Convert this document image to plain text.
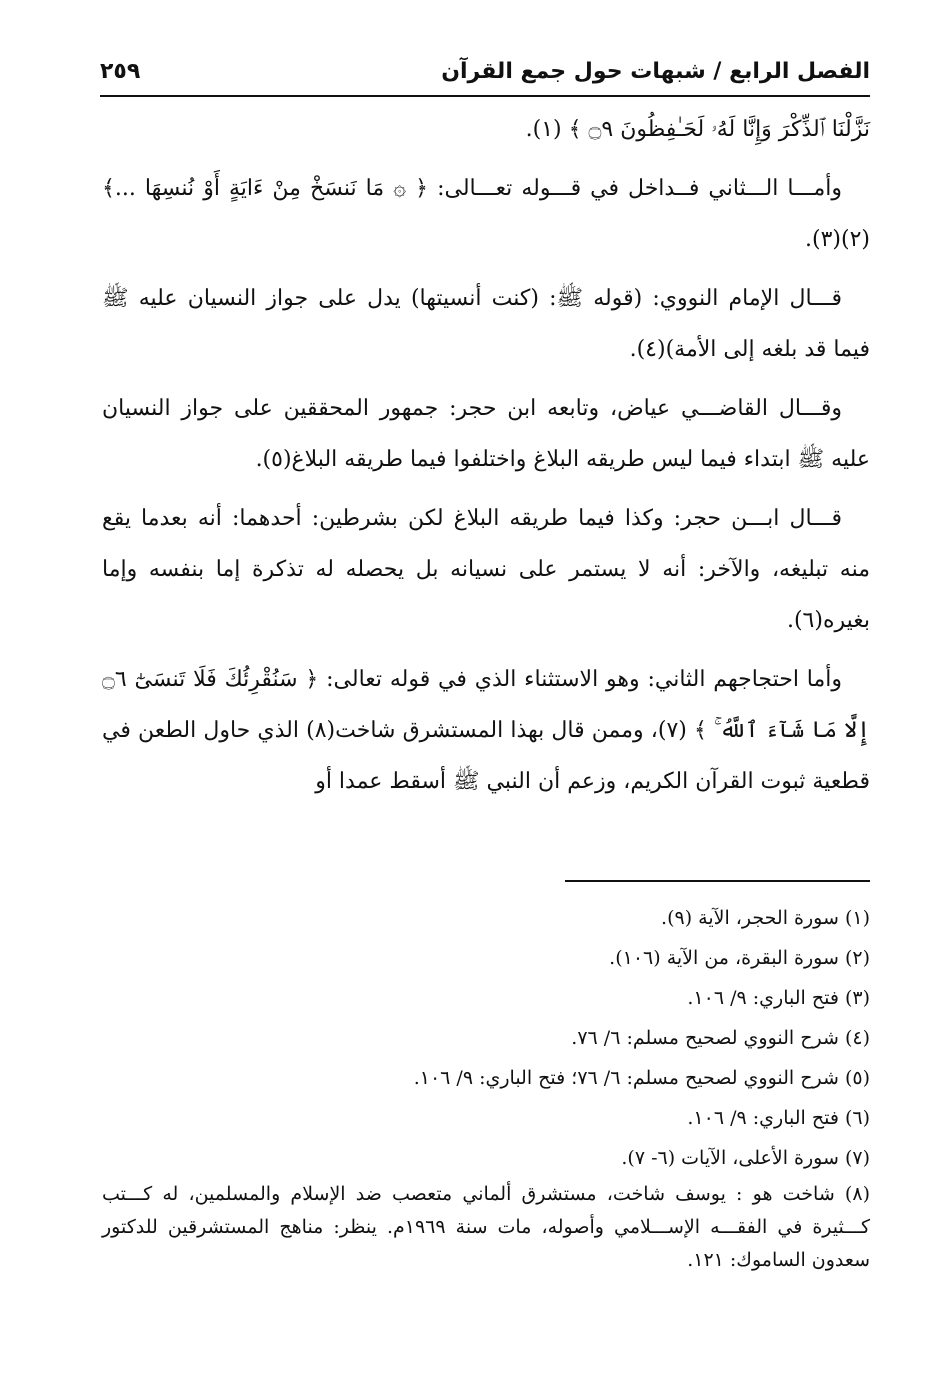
الفصل الرابع / شبهات حول جمع القرآن
٢٥٩

نَزَّلْنَا ٱلذِّكْرَ وَإِنَّا لَهُۥ لَحَـٰفِظُونَ ۝٩ ﴾ (١).

وأمـــا الـــثاني فــداخل في قـــوله تعـــالى: ﴿ ۞ مَا نَنسَخْ مِنْ ءَايَةٍ أَوْ نُنسِهَا ...﴾ (٢)(٣).

قـــال الإمام النووي: (قوله ﷺ: (كنت أنسيتها) يدل على جواز النسيان عليه ﷺ فيما قد بلغه إلى الأمة)(٤).

وقـــال القاضـــي عياض، وتابعه ابن حجر: جمهور المحققين على جواز النسيان عليه ﷺ ابتداء فيما ليس طريقه البلاغ واختلفوا فيما طريقه البلاغ(٥).

قـــال ابـــن حجر: وكذا فيما طريقه البلاغ لكن بشرطين: أحدهما: أنه بعدما يقع منه تبليغه، والآخر: أنه لا يستمر على نسيانه بل يحصله له تذكرة إما بنفسه وإما بغيره(٦).

وأما احتجاجهم الثاني: وهو الاستثناء الذي في قوله تعالى: ﴿ سَنُقْرِئُكَ فَلَا تَنسَىٰٓ ۝٦ إِلَّا مَا شَآءَ ٱللَّهُ ۚ ﴾ (٧)، وممن قال بهذا المستشرق شاخت(٨) الذي حاول الطعن في قطعية ثبوت القرآن الكريم، وزعم أن النبي ﷺ أسقط عمدا أو

(١) سورة الحجر، الآية (٩).

(٢) سورة البقرة، من الآية (١٠٦).

(٣) فتح الباري: ٩/ ١٠٦.

(٤) شرح النووي لصحيح مسلم: ٦/ ٧٦.

(٥) شرح النووي لصحيح مسلم: ٦/ ٧٦؛ فتح الباري: ٩/ ١٠٦.

(٦) فتح الباري: ٩/ ١٠٦.

(٧) سورة الأعلى، الآيات (٦- ٧).

(٨) شاخت هو : يوسف شاخت، مستشرق ألماني متعصب ضد الإسلام والمسلمين، له كـــتب كـــثيرة في الفقـــه الإســـلامي وأصوله، مات سنة ١٩٦٩م. ينظر: مناهج المستشرقين للدكتور سعدون الساموك: ١٢١.
